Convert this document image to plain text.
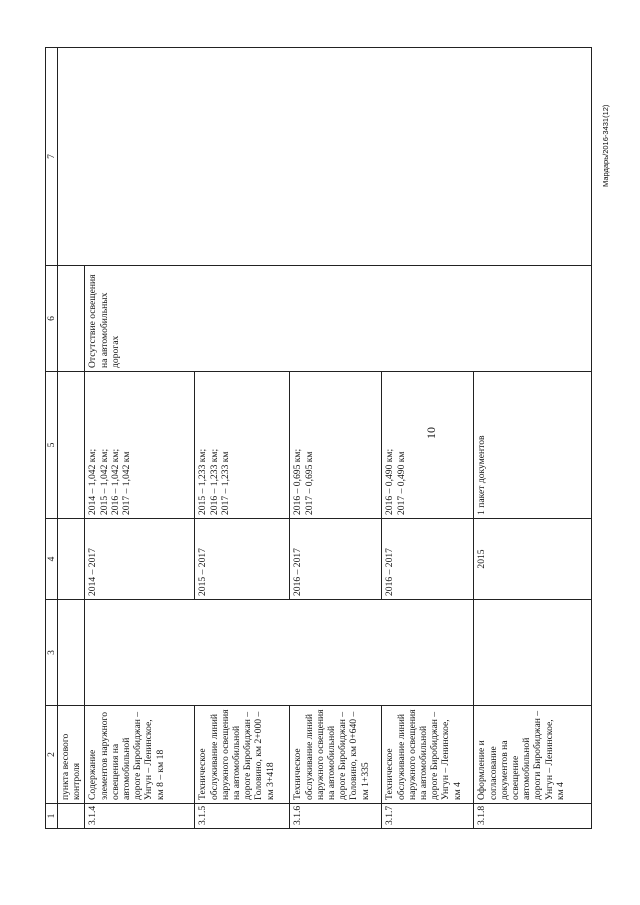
10
Мардарь/2016-3431(12)
1	2	3	4	5	6	7
	пункта весового контроля					
3.1.4	Содержание элементов наружного освещения на автомобильной дороге Биробиджан – Унгун – Ленинское, км 8 – км 18		2014 – 2017	2014 – 1,042 км; 2015 – 1,042 км; 2016 – 1,042 км; 2017 – 1,042 км	Отсутствие освещения на автомобильных дорогах	
3.1.5	Техническое обслуживание линий наружного освещения на автомобильной дороге Биробиджан – Головино, км 2+000 – км 3+418		2015 – 2017	2015 – 1,233 км; 2016 – 1,233 км; 2017 – 1,233 км		

3.1.6	Техническое обслуживание линий наружного освещения на автомобильной дороге Биробиджан – Головино, км 0+640 – км 1+335		2016 – 2017	2016 – 0,695 км; 2017 – 0,695 км		

3.1.7	Техническое обслуживание линий наружного освещения на автомобильной дороге Биробиджан – Унгун – Ленинское, км 4		2016 – 2017	2016 – 0,490 км; 2017 – 0,490 км		

3.1.8	Оформление и согласование документов на освещение автомобильной дороги Биробиджан – Унгун – Ленинское, км 4		2015	1 пакет документов		
